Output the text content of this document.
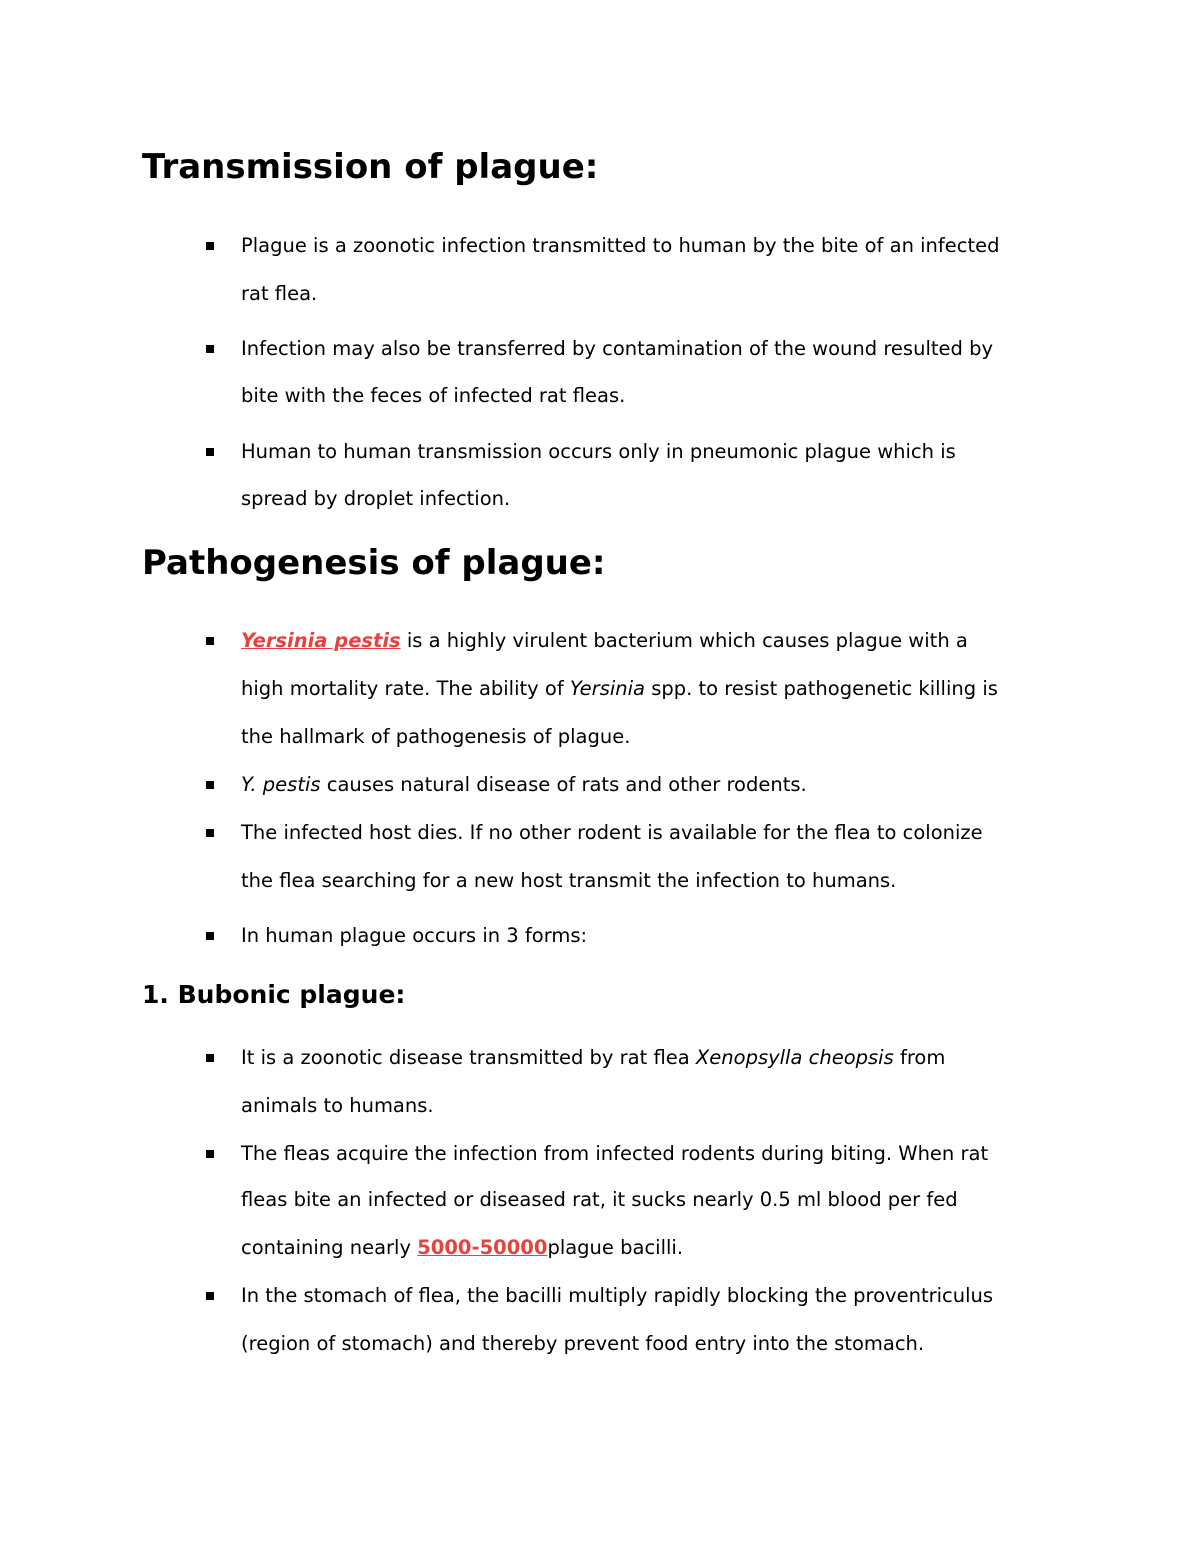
Transmission of plague:

Plague is a zoonotic infection transmitted to human by the bite of an infected

rat flea.

Infection may also be transferred by contamination of the wound resulted by

bite with the feces of infected rat fleas.

Human to human transmission occurs only in pneumonic plague which is

spread by droplet infection.

Pathogenesis of plague:

Yersinia pestis is a highly virulent bacterium which causes plague with a

high mortality rate. The ability of Yersinia spp. to resist pathogenetic killing is

the hallmark of pathogenesis of plague.

Y. pestis causes natural disease of rats and other rodents.

The infected host dies. If no other rodent is available for the flea to colonize

the flea searching for a new host transmit the infection to humans.

In human plague occurs in 3 forms:

1. Bubonic plague:

It is a zoonotic disease transmitted by rat flea Xenopsylla cheopsis from

animals to humans.

The fleas acquire the infection from infected rodents during biting. When rat

fleas bite an infected or diseased rat, it sucks nearly 0.5 ml blood per fed

containing nearly 5000-50000plague bacilli.

In the stomach of flea, the bacilli multiply rapidly blocking the proventriculus

(region of stomach) and thereby prevent food entry into the stomach.
